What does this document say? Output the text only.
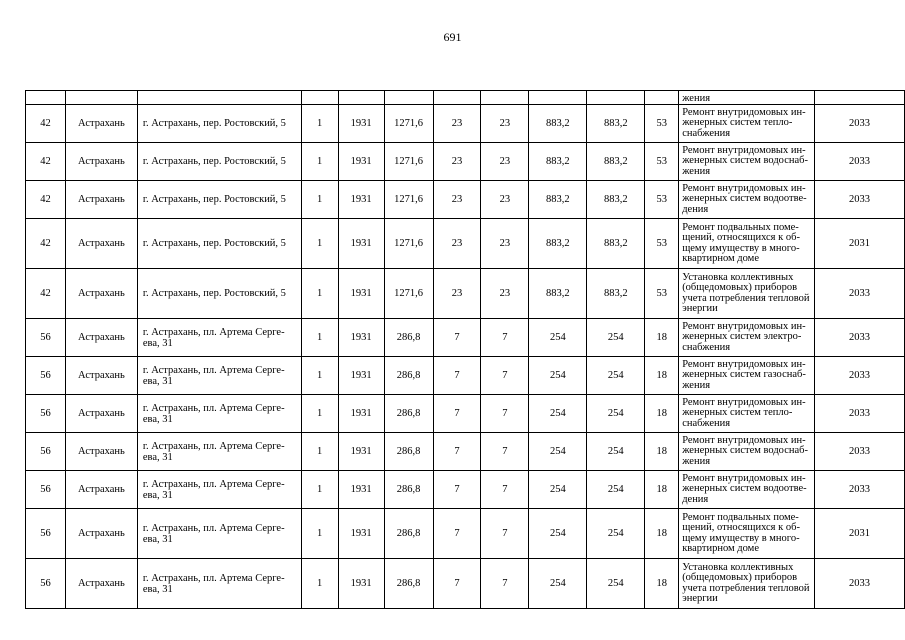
691
											жения	
42	Астрахань	г. Астрахань, пер. Ростовский, 5	1	1931	1271,6	23	23	883,2	883,2	53	Ремонт внутридомовых ин-
женерных систем тепло-
снабжения	2033
42	Астрахань	г. Астрахань, пер. Ростовский, 5	1	1931	1271,6	23	23	883,2	883,2	53	Ремонт внутридомовых ин-
женерных систем водоснаб-
жения	2033
42	Астрахань	г. Астрахань, пер. Ростовский, 5	1	1931	1271,6	23	23	883,2	883,2	53	Ремонт внутридомовых ин-
женерных систем водоотве-
дения	2033
42	Астрахань	г. Астрахань, пер. Ростовский, 5	1	1931	1271,6	23	23	883,2	883,2	53	Ремонт подвальных поме-
щений, относящихся к об-
щему имуществу в много-
квартирном доме	2031
42	Астрахань	г. Астрахань, пер. Ростовский, 5	1	1931	1271,6	23	23	883,2	883,2	53	Установка коллективных
(общедомовых) приборов
учета потребления тепловой
энергии	2033
56	Астрахань	г. Астрахань, пл. Артема Серге-
ева, 31	1	1931	286,8	7	7	254	254	18	Ремонт внутридомовых ин-
женерных систем электро-
снабжения	2033
56	Астрахань	г. Астрахань, пл. Артема Серге-
ева, 31	1	1931	286,8	7	7	254	254	18	Ремонт внутридомовых ин-
женерных систем газоснаб-
жения	2033
56	Астрахань	г. Астрахань, пл. Артема Серге-
ева, 31	1	1931	286,8	7	7	254	254	18	Ремонт внутридомовых ин-
женерных систем тепло-
снабжения	2033
56	Астрахань	г. Астрахань, пл. Артема Серге-
ева, 31	1	1931	286,8	7	7	254	254	18	Ремонт внутридомовых ин-
женерных систем водоснаб-
жения	2033
56	Астрахань	г. Астрахань, пл. Артема Серге-
ева, 31	1	1931	286,8	7	7	254	254	18	Ремонт внутридомовых ин-
женерных систем водоотве-
дения	2033
56	Астрахань	г. Астрахань, пл. Артема Серге-
ева, 31	1	1931	286,8	7	7	254	254	18	Ремонт подвальных поме-
щений, относящихся к об-
щему имуществу в много-
квартирном доме	2031
56	Астрахань	г. Астрахань, пл. Артема Серге-
ева, 31	1	1931	286,8	7	7	254	254	18	Установка коллективных
(общедомовых) приборов
учета потребления тепловой
энергии	2033
